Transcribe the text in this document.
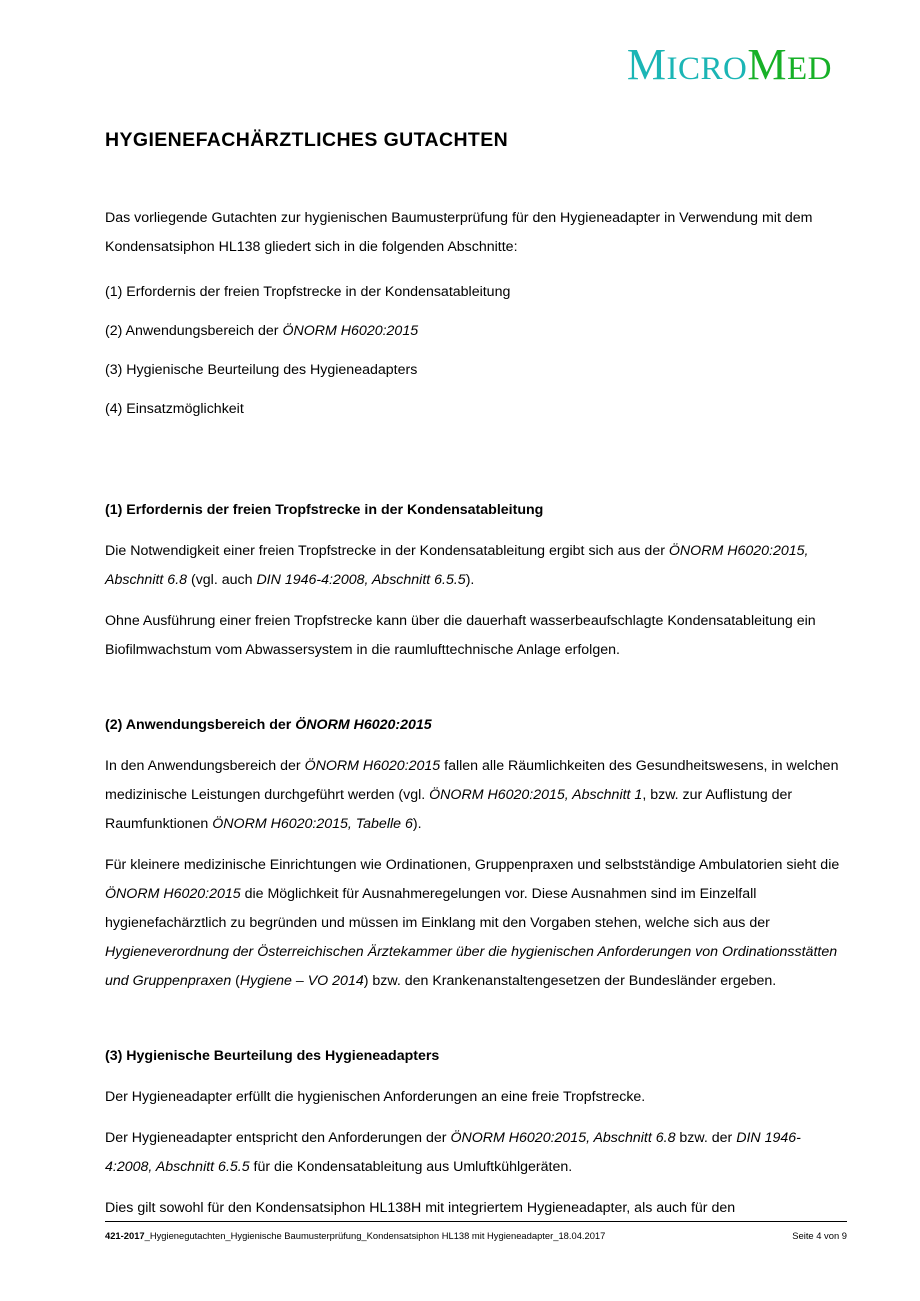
MICROMED
HYGIENEFACHÄRZTLICHES GUTACHTEN

Das vorliegende Gutachten zur hygienischen Baumusterprüfung für den Hygieneadapter in Verwendung mit dem Kondensatsiphon HL138 gliedert sich in die folgenden Abschnitte:

(1) Erfordernis der freien Tropfstrecke in der Kondensatableitung

(2) Anwendungsbereich der ÖNORM H6020:2015

(3) Hygienische Beurteilung des Hygieneadapters

(4) Einsatzmöglichkeit

(1) Erfordernis der freien Tropfstrecke in der Kondensatableitung

Die Notwendigkeit einer freien Tropfstrecke in der Kondensatableitung ergibt sich aus der ÖNORM H6020:2015, Abschnitt 6.8 (vgl. auch DIN 1946-4:2008, Abschnitt 6.5.5).

Ohne Ausführung einer freien Tropfstrecke kann über die dauerhaft wasserbeaufschlagte Kondensatableitung ein Biofilmwachstum vom Abwassersystem in die raumlufttechnische Anlage erfolgen.

(2) Anwendungsbereich der ÖNORM H6020:2015

In den Anwendungsbereich der ÖNORM H6020:2015 fallen alle Räumlichkeiten des Gesundheitswesens, in welchen medizinische Leistungen durchgeführt werden (vgl. ÖNORM H6020:2015, Abschnitt 1, bzw. zur Auflistung der Raumfunktionen ÖNORM H6020:2015, Tabelle 6).

Für kleinere medizinische Einrichtungen wie Ordinationen, Gruppenpraxen und selbstständige Ambulatorien sieht die ÖNORM H6020:2015 die Möglichkeit für Ausnahmeregelungen vor. Diese Ausnahmen sind im Einzelfall hygienefachärztlich zu begründen und müssen im Einklang mit den Vorgaben stehen, welche sich aus der Hygieneverordnung der Österreichischen Ärztekammer über die hygienischen Anforderungen von Ordinationsstätten und Gruppenpraxen (Hygiene – VO 2014) bzw. den Krankenanstaltengesetzen der Bundesländer ergeben.

(3) Hygienische Beurteilung des Hygieneadapters

Der Hygieneadapter erfüllt die hygienischen Anforderungen an eine freie Tropfstrecke.

Der Hygieneadapter entspricht den Anforderungen der ÖNORM H6020:2015, Abschnitt 6.8 bzw. der DIN 1946-4:2008, Abschnitt 6.5.5 für die Kondensatableitung aus Umluftkühlgeräten.

Dies gilt sowohl für den Kondensatsiphon HL138H mit integriertem Hygieneadapter, als auch für den

421-2017_Hygienegutachten_Hygienische Baumusterprüfung_Kondensatsiphon HL138 mit Hygieneadapter_18.04.2017	Seite 4 von 9
